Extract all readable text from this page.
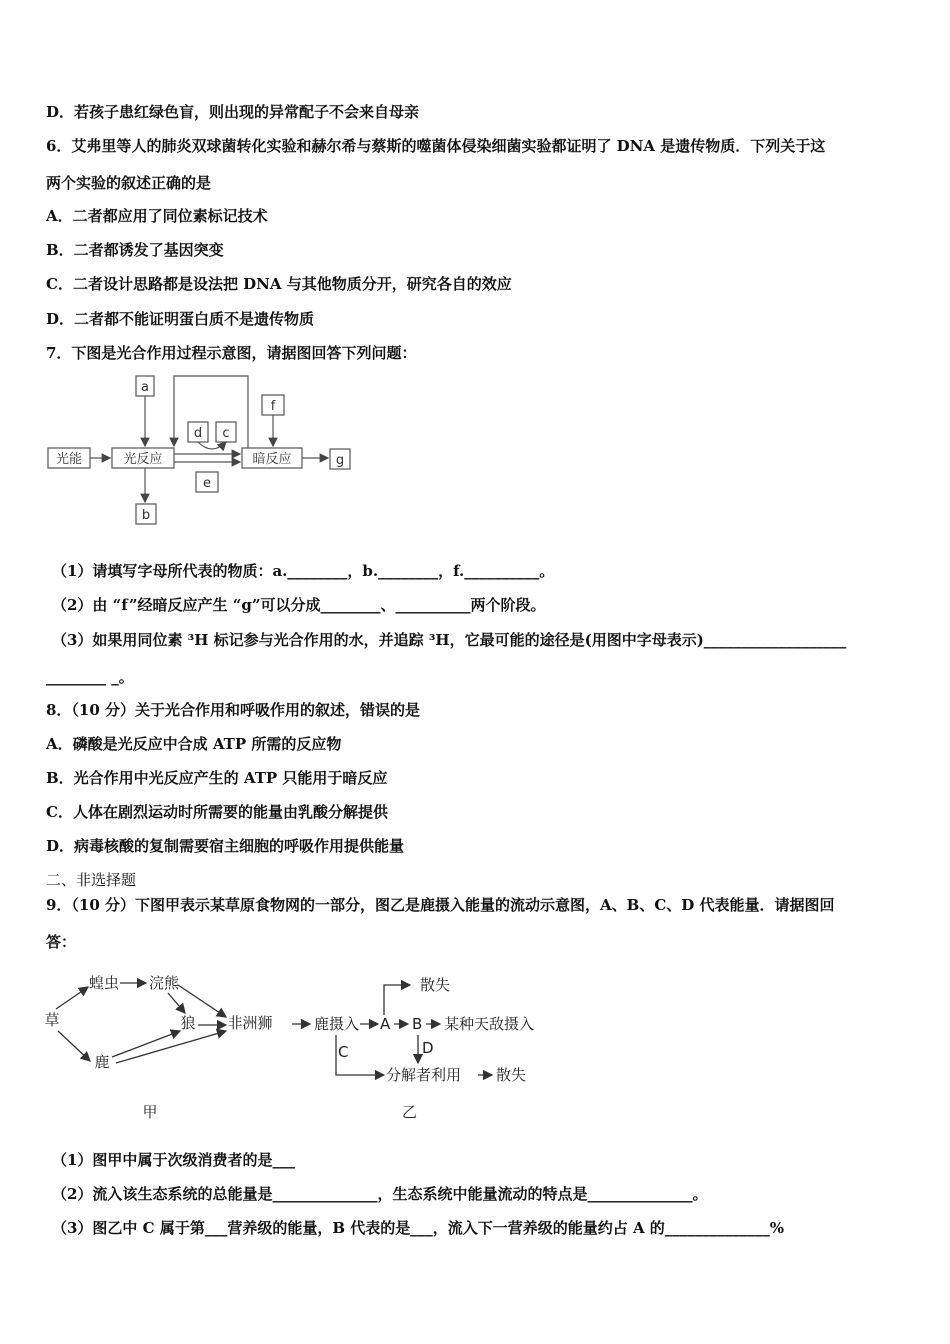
D．若孩子患红绿色盲，则出现的异常配子不会来自母亲
6．艾弗里等人的肺炎双球菌转化实验和赫尔希与蔡斯的噬菌体侵染细菌实验都证明了 DNA 是遗传物质．下列关于这
两个实验的叙述正确的是
A．二者都应用了同位素标记技术
B．二者都诱发了基因突变
C．二者设计思路都是设法把 DNA 与其他物质分开，研究各自的效应
D．二者都不能证明蛋白质不是遗传物质
7．下图是光合作用过程示意图，请据图回答下列问题：
光能	光反应	暗反应
a
f
d c
e
b
g
（1）请填写字母所代表的物质：a.________，b.________，f.__________。
（2）由 “f”经暗反应产生 “g”可以分成________、__________两个阶段。
（3）如果用同位素 ³H 标记参与光合作用的水，并追踪 ³H，它最可能的途径是(用图中字母表示)___________________
________ _。
8．（10 分）关于光合作用和呼吸作用的叙述，错误的是
A．磷酸是光反应中合成 ATP 所需的反应物
B．光合作用中光反应产生的 ATP 只能用于暗反应
C．人体在剧烈运动时所需要的能量由乳酸分解提供
D．病毒核酸的复制需要宿主细胞的呼吸作用提供能量
二、非选择题
9．（10 分）下图甲表示某草原食物网的一部分，图乙是鹿摄入能量的流动示意图，A、B、C、D 代表能量．请据图回
答：
草
蝗虫 浣熊
狼 非洲狮
鹿
甲
鹿摄入 A B
散失
某种天敌摄入
C	D
分解者利用 散失
乙
（1）图甲中属于次级消费者的是___
（2）流入该生态系统的总能量是______________，生态系统中能量流动的特点是______________。
（3）图乙中 C 属于第___营养级的能量，B 代表的是___，流入下一营养级的能量约占 A 的______________%
